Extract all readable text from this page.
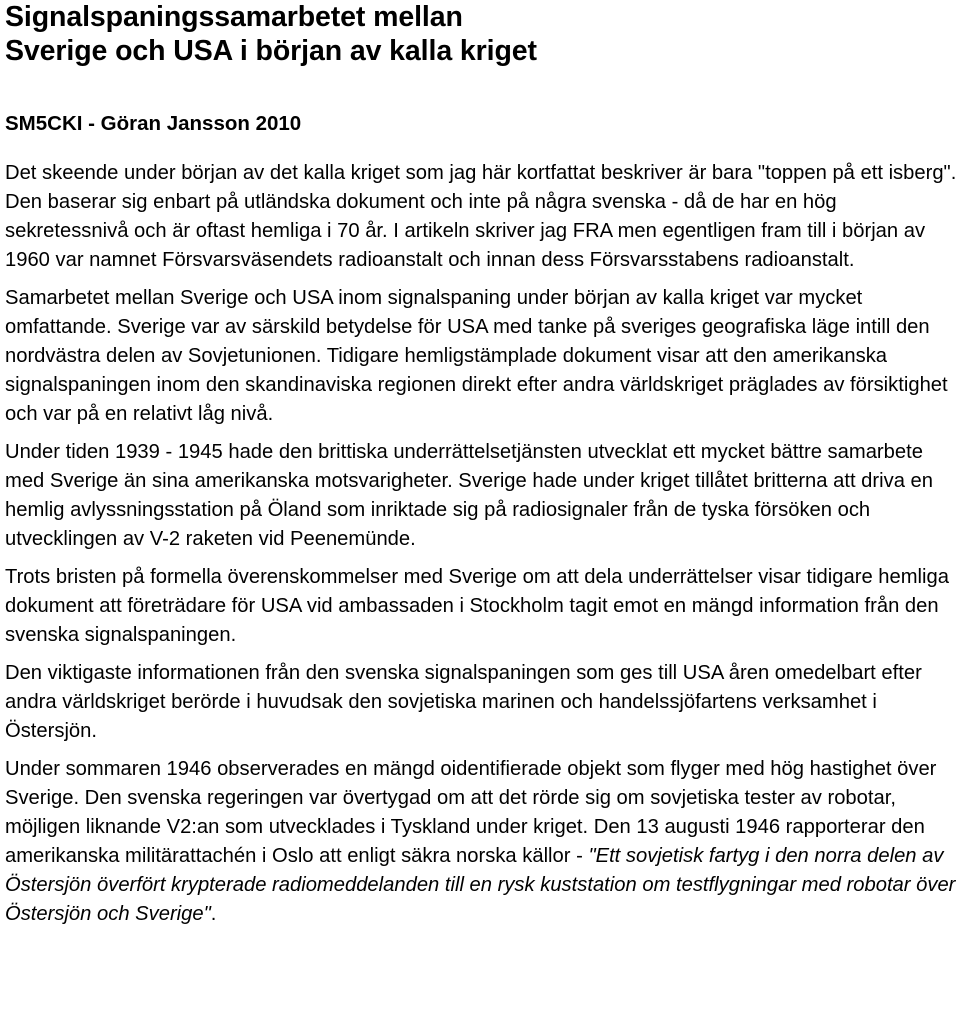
Signalspaningssamarbetet mellan
Sverige och USA i början av kalla kriget
SM5CKI - Göran Jansson 2010

Det skeende under början av det kalla kriget som jag här kortfattat beskriver är bara "toppen på ett isberg". Den baserar sig enbart på utländska dokument och inte på några svenska - då de har en hög sekretessnivå och är oftast hemliga i 70 år. I artikeln skriver jag FRA men egentligen fram till i början av 1960 var namnet Försvarsväsendets radioanstalt och innan dess Försvarsstabens radioanstalt.

Samarbetet mellan Sverige och USA inom signalspaning under början av kalla kriget var mycket omfattande. Sverige var av särskild betydelse för USA med tanke på sveriges geografiska läge intill den nordvästra delen av Sovjetunionen. Tidigare hemligstämplade dokument visar att den amerikanska signalspaningen inom den skandinaviska regionen direkt efter andra världskriget präglades av försiktighet och var på en relativt låg nivå.

Under tiden 1939 - 1945 hade den brittiska underrättelsetjänsten utvecklat ett mycket bättre samarbete med Sverige än sina amerikanska motsvarigheter. Sverige hade under kriget tillåtet britterna att driva en hemlig avlyssningsstation på Öland som inriktade sig på radiosignaler från de tyska försöken och utvecklingen av V-2 raketen vid Peenemünde.

Trots bristen på formella överenskommelser med Sverige om att dela underrättelser visar tidigare hemliga dokument att företrädare för USA vid ambassaden i Stockholm tagit emot en mängd information från den svenska signalspaningen.

Den viktigaste informationen från den svenska signalspaningen som ges till USA åren omedelbart efter andra världskriget berörde i huvudsak den sovjetiska marinen och handelssjöfartens verksamhet i Östersjön.

Under sommaren 1946 observerades en mängd oidentifierade objekt som flyger med hög hastighet över Sverige. Den svenska regeringen var övertygad om att det rörde sig om sovjetiska tester av robotar, möjligen liknande V2:an som utvecklades i Tyskland under kriget. Den 13 augusti 1946 rapporterar den amerikanska militärattachén i Oslo att enligt säkra norska källor - "Ett sovjetisk fartyg i den norra delen av Östersjön överfört krypterade radiomeddelanden till en rysk kuststation om testflygningar med robotar över Östersjön och Sverige".
